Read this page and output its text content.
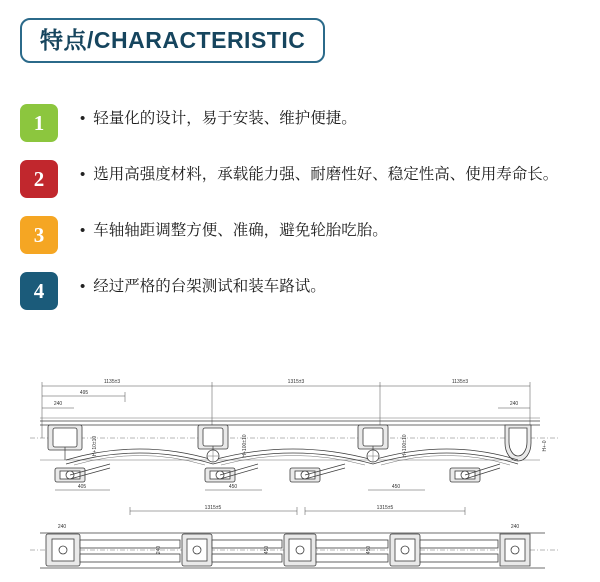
特点/CHARACTERISTIC
1	• 轻量化的设计，易于安装、维护便捷。
2	• 选用高强度材料，承载能力强、耐磨性好、稳定性高、使用寿命长。
3	• 车轴轴距调整方便、准确，避免轮胎吃胎。
4	• 经过严格的台架测试和装车路试。
1135±3	1315±3	1135±3
495
240	240
H+10±10	H+100±10	H+100±10	H+-0
405	450	450
1315±5	1315±5
240	240
240	450	450
